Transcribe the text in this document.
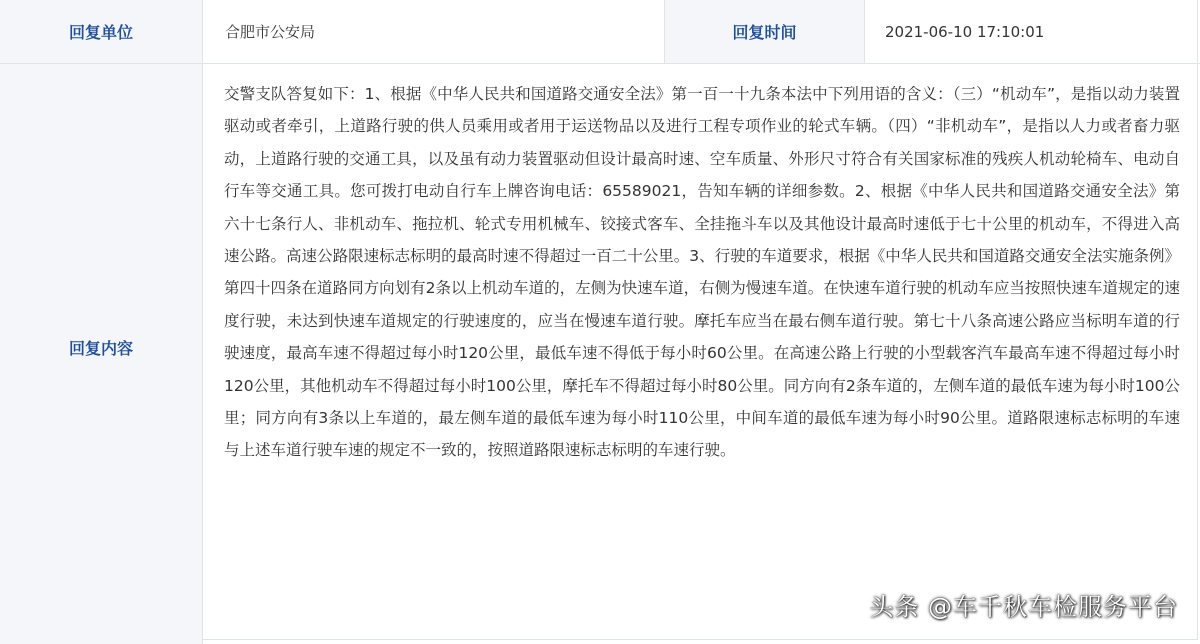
回复单位	合肥市公安局	回复时间	2021-06-10 17:10:01
回复内容
交警支队答复如下：1、根据《中华人民共和国道路交通安全法》第一百一十九条本法中下列用语的含义：（三）“机动车”，是指以动力装置驱动或者牵引，上道路行驶的供人员乘用或者用于运送物品以及进行工程专项作业的轮式车辆。（四）“非机动车”，是指以人力或者畜力驱动，上道路行驶的交通工具，以及虽有动力装置驱动但设计最高时速、空车质量、外形尺寸符合有关国家标准的残疾人机动轮椅车、电动自行车等交通工具。您可拨打电动自行车上牌咨询电话：65589021，告知车辆的详细参数。2、根据《中华人民共和国道路交通安全法》第六十七条行人、非机动车、拖拉机、轮式专用机械车、铰接式客车、全挂拖斗车以及其他设计最高时速低于七十公里的机动车，不得进入高速公路。高速公路限速标志标明的最高时速不得超过一百二十公里。3、行驶的车道要求，根据《中华人民共和国道路交通安全法实施条例》第四十四条在道路同方向划有2条以上机动车道的，左侧为快速车道，右侧为慢速车道。在快速车道行驶的机动车应当按照快速车道规定的速度行驶，未达到快速车道规定的行驶速度的，应当在慢速车道行驶。摩托车应当在最右侧车道行驶。第七十八条高速公路应当标明车道的行驶速度，最高车速不得超过每小时120公里，最低车速不得低于每小时60公里。在高速公路上行驶的小型载客汽车最高车速不得超过每小时120公里，其他机动车不得超过每小时100公里，摩托车不得超过每小时80公里。同方向有2条车道的，左侧车道的最低车速为每小时100公里；同方向有3条以上车道的，最左侧车道的最低车速为每小时110公里，中间车道的最低车速为每小时90公里。道路限速标志标明的车速与上述车道行驶车速的规定不一致的，按照道路限速标志标明的车速行驶。
头条 @车千秋车检服务平台
